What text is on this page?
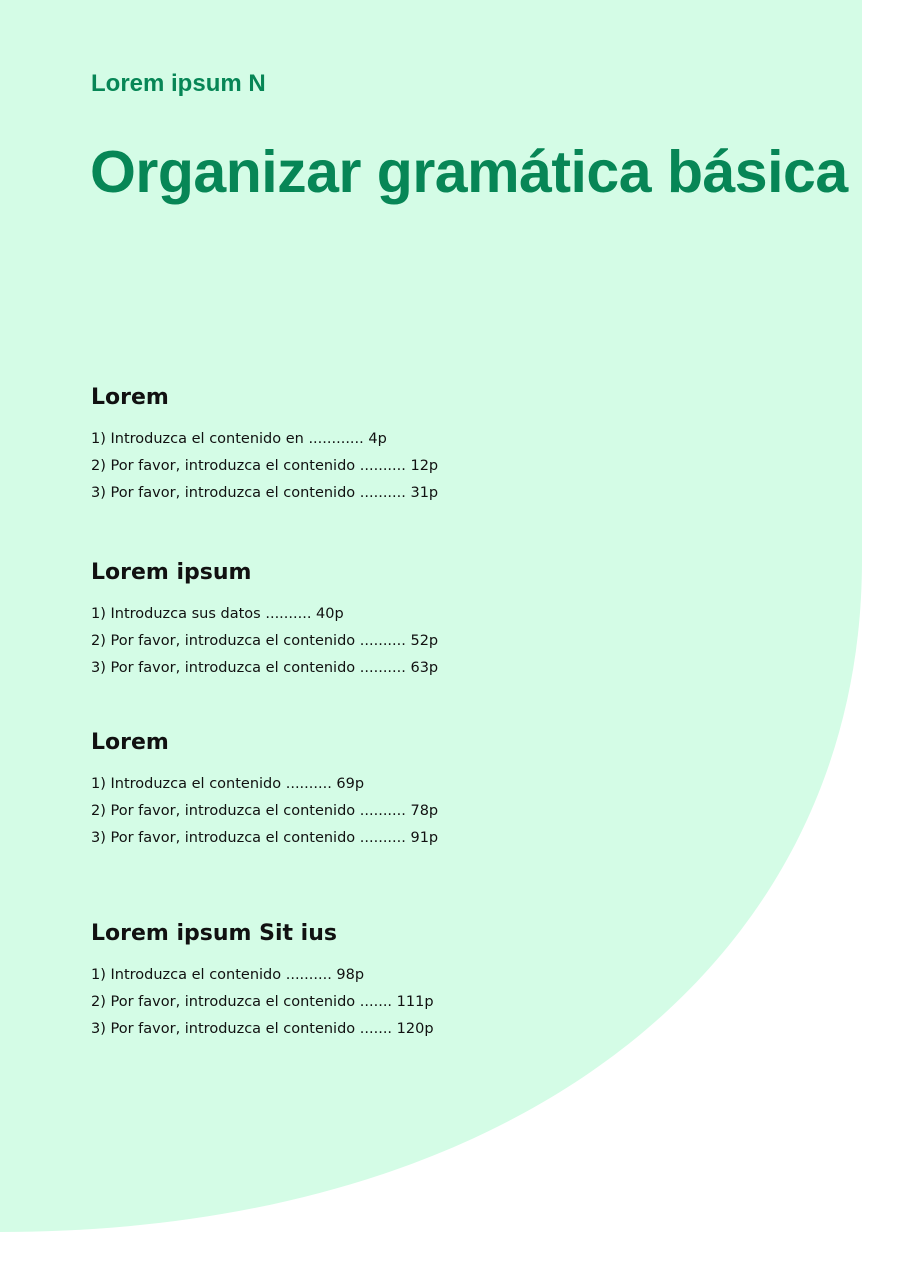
Lorem ipsum N

Organizar gramática básica
Lorem
1) Introduzca el contenido en ............ 4p
2) Por favor, introduzca el contenido .......... 12p
3) Por favor, introduzca el contenido .......... 31p
Lorem ipsum
1) Introduzca sus datos .......... 40p
2) Por favor, introduzca el contenido .......... 52p
3) Por favor, introduzca el contenido .......... 63p
Lorem
1) Introduzca el contenido .......... 69p
2) Por favor, introduzca el contenido .......... 78p
3) Por favor, introduzca el contenido .......... 91p
Lorem ipsum Sit ius
1) Introduzca el contenido .......... 98p
2) Por favor, introduzca el contenido ....... 111p
3) Por favor, introduzca el contenido ....... 120p
